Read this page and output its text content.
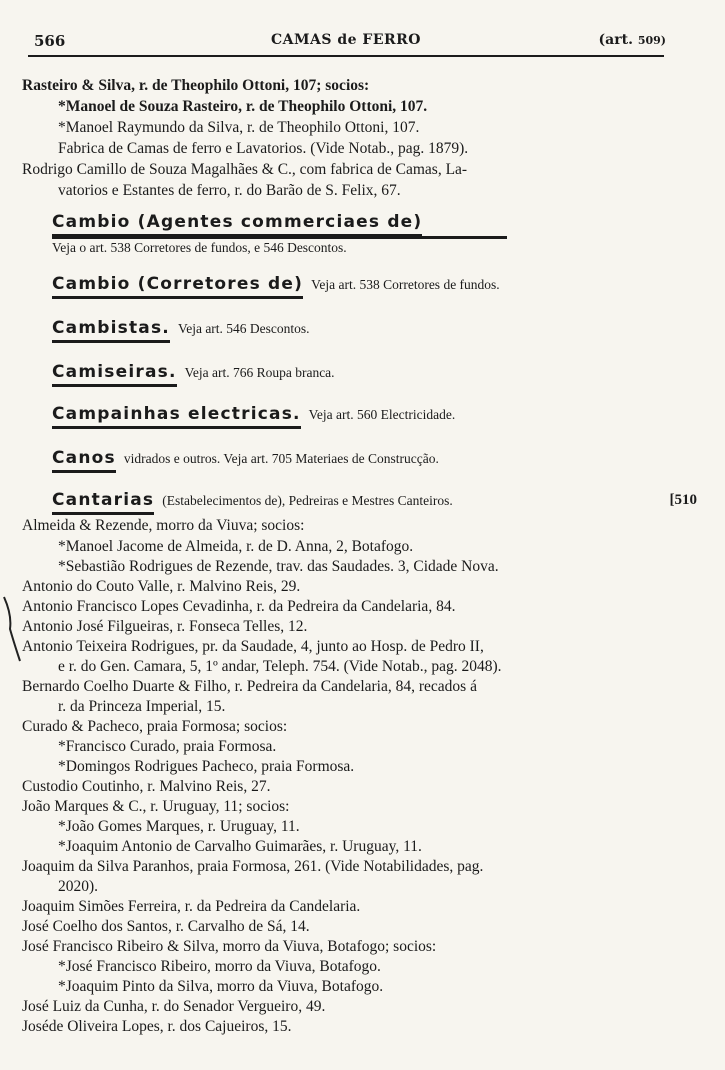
566	CAMAS de FERRO	(art. 509)
Rasteiro & Silva, r. de Theophilo Ottoni, 107; socios:
*Manoel de Souza Rasteiro, r. de Theophilo Ottoni, 107.
*Manoel Raymundo da Silva, r. de Theophilo Ottoni, 107.
Fabrica de Camas de ferro e Lavatorios. (Vide Notab., pag. 1879).
Rodrigo Camillo de Souza Magalhães & C., com fabrica de Camas, La-
vatorios e Estantes de ferro, r. do Barão de S. Felix, 67.
Cambio (Agentes commerciaes de)
Veja o art. 538 Corretores de fundos, e 546 Descontos.
Cambio (Corretores de) Veja art. 538 Corretores de fundos.
Cambistas. Veja art. 546 Descontos.
Camiseiras. Veja art. 766 Roupa branca.
Campainhas electricas. Veja art. 560 Electricidade.
Canos vidrados e outros. Veja art. 705 Materiaes de Construcção.
Cantarias (Estabelecimentos de), Pedreiras e Mestres Canteiros.	[510
Almeida & Rezende, morro da Viuva; socios:
*Manoel Jacome de Almeida, r. de D. Anna, 2, Botafogo.
*Sebastião Rodrigues de Rezende, trav. das Saudades. 3, Cidade Nova.
Antonio do Couto Valle, r. Malvino Reis, 29.
Antonio Francisco Lopes Cevadinha, r. da Pedreira da Candelaria, 84.
Antonio José Filgueiras, r. Fonseca Telles, 12.
Antonio Teixeira Rodrigues, pr. da Saudade, 4, junto ao Hosp. de Pedro II,
e r. do Gen. Camara, 5, 1º andar, Teleph. 754. (Vide Notab., pag. 2048).
Bernardo Coelho Duarte & Filho, r. Pedreira da Candelaria, 84, recados á
r. da Princeza Imperial, 15.
Curado & Pacheco, praia Formosa; socios:
*Francisco Curado, praia Formosa.
*Domingos Rodrigues Pacheco, praia Formosa.
Custodio Coutinho, r. Malvino Reis, 27.
João Marques & C., r. Uruguay, 11; socios:
*João Gomes Marques, r. Uruguay, 11.
*Joaquim Antonio de Carvalho Guimarães, r. Uruguay, 11.
Joaquim da Silva Paranhos, praia Formosa, 261. (Vide Notabilidades, pag.
2020).
Joaquim Simões Ferreira, r. da Pedreira da Candelaria.
José Coelho dos Santos, r. Carvalho de Sá, 14.
José Francisco Ribeiro & Silva, morro da Viuva, Botafogo; socios:
*José Francisco Ribeiro, morro da Viuva, Botafogo.
*Joaquim Pinto da Silva, morro da Viuva, Botafogo.
José Luiz da Cunha, r. do Senador Vergueiro, 49.
Joséde Oliveira Lopes, r. dos Cajueiros, 15.
